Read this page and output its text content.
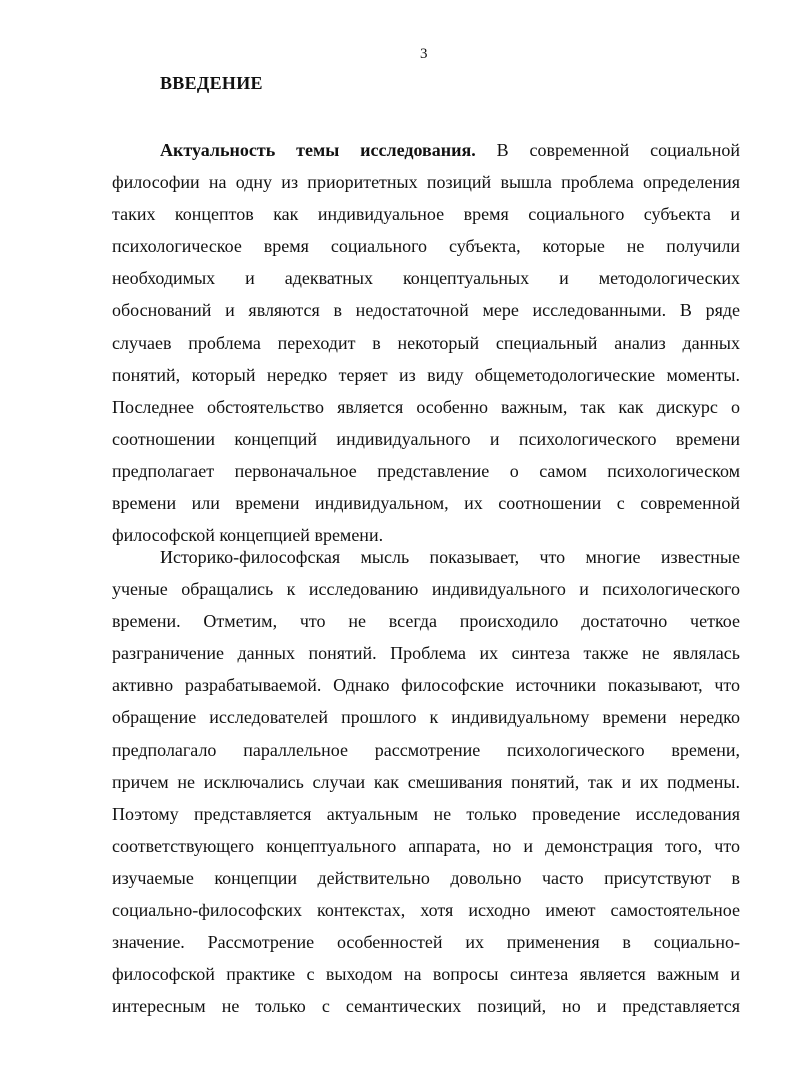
3
ВВЕДЕНИЕ
Актуальность темы исследования. В современной социальной
философии на одну из приоритетных позиций вышла проблема определения
таких концептов как индивидуальное время социального субъекта и
психологическое время социального субъекта, которые не получили
необходимых и адекватных концептуальных и методологических
обоснований и являются в недостаточной мере исследованными. В ряде
случаев проблема переходит в некоторый специальный анализ данных
понятий, который нередко теряет из виду общеметодологические моменты.
Последнее обстоятельство является особенно важным, так как дискурс о
соотношении концепций индивидуального и психологического времени
предполагает первоначальное представление о самом психологическом
времени или времени индивидуальном, их соотношении с современной
философской концепцией времени.
Историко-философская мысль показывает, что многие известные
ученые обращались к исследованию индивидуального и психологического
времени. Отметим, что не всегда происходило достаточно четкое
разграничение данных понятий. Проблема их синтеза также не являлась
активно разрабатываемой. Однако философские источники показывают, что
обращение исследователей прошлого к индивидуальному времени нередко
предполагало параллельное рассмотрение психологического времени,
причем не исключались случаи как смешивания понятий, так и их подмены.
Поэтому представляется актуальным не только проведение исследования
соответствующего концептуального аппарата, но и демонстрация того, что
изучаемые концепции действительно довольно часто присутствуют в
социально-философских контекстах, хотя исходно имеют самостоятельное
значение. Рассмотрение особенностей их применения в социально-
философской практике с выходом на вопросы синтеза является важным и
интересным не только с семантических позиций, но и представляется
